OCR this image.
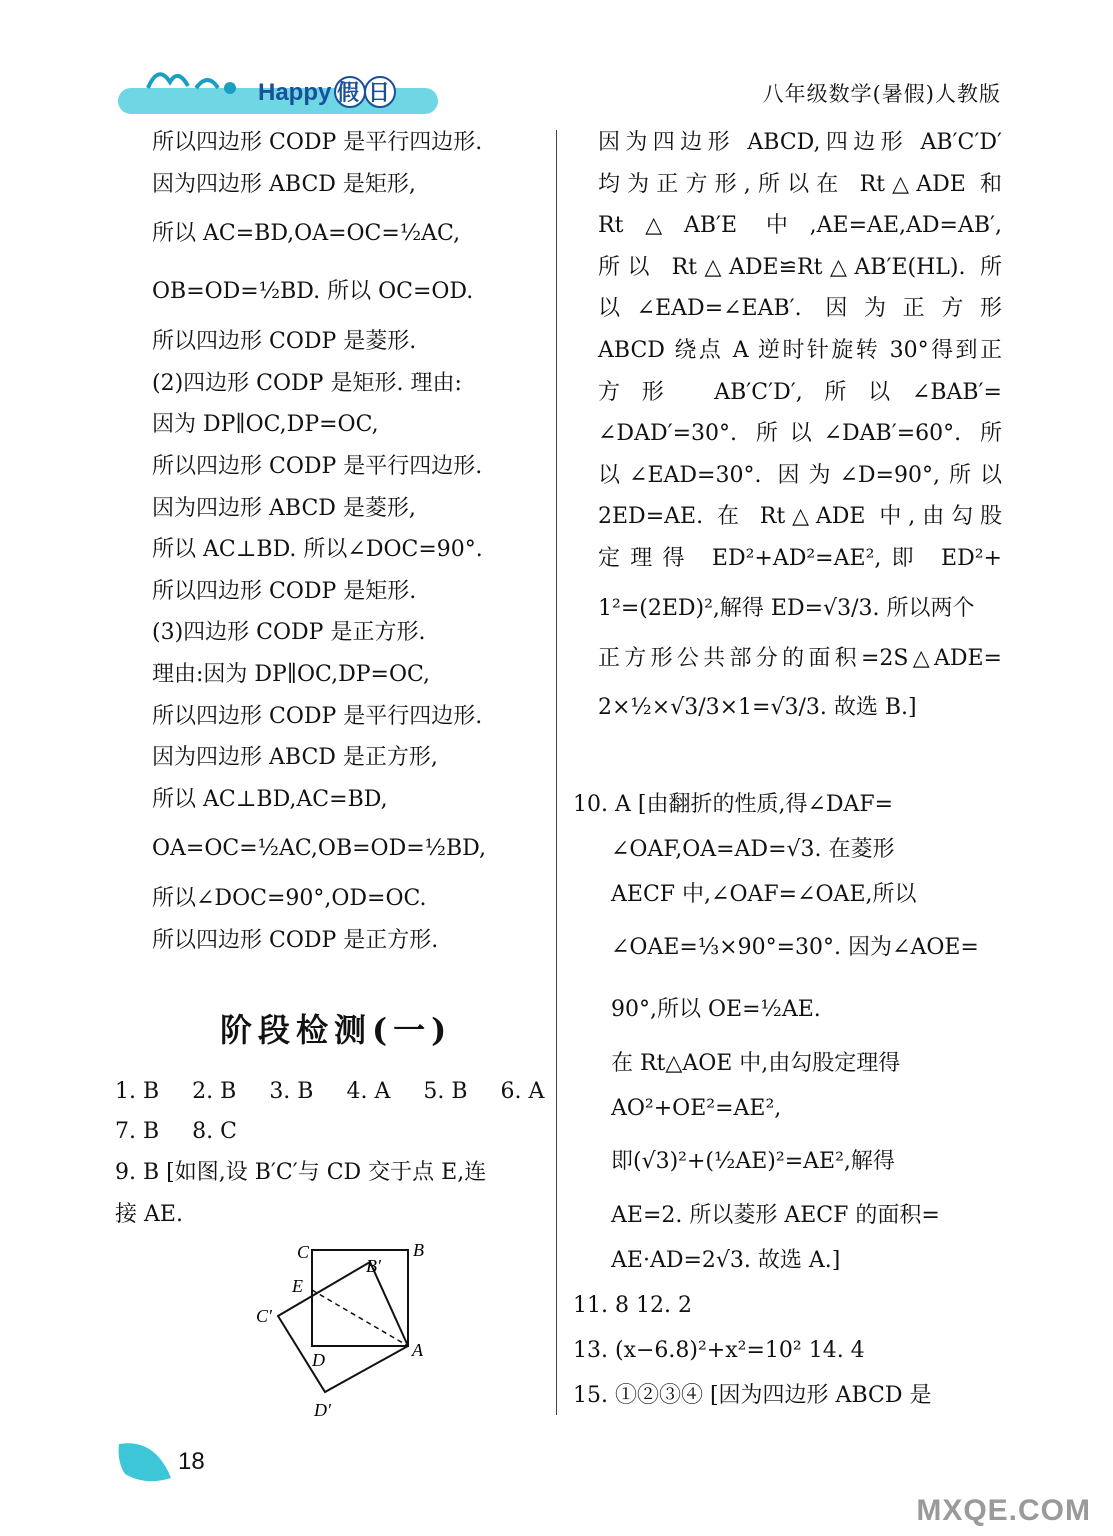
Happy 假 日	八年级数学(暑假)人教版
所以四边形 CODP 是平行四边形.
因为四边形 ABCD 是矩形,
所以 AC=BD,OA=OC=½AC,
OB=OD=½BD. 所以 OC=OD.
所以四边形 CODP 是菱形.
(2)四边形 CODP 是矩形. 理由:
因为 DP∥OC,DP=OC,
所以四边形 CODP 是平行四边形.
因为四边形 ABCD 是菱形,
所以 AC⊥BD. 所以∠DOC=90°.
所以四边形 CODP 是矩形.
(3)四边形 CODP 是正方形.
理由:因为 DP∥OC,DP=OC,
所以四边形 CODP 是平行四边形.
因为四边形 ABCD 是正方形,
所以 AC⊥BD,AC=BD,
OA=OC=½AC,OB=OD=½BD,
所以∠DOC=90°,OD=OC.
所以四边形 CODP 是正方形.
阶段检测(一)
1. B 2. B 3. B 4. A 5. B 6. A
7. B 8. C
9. B [如图,设 B′C′与 CD 交于点 E,连
接 AE.
C	B
B′
E
C′
A
D
D′
因为四边形 ABCD,四边形 AB′C′D′
均为正方形,所以在 Rt△ADE 和
Rt△AB′E 中,AE=AE,AD=AB′,
所以 Rt△ADE≌Rt△AB′E(HL). 所
以∠EAD=∠EAB′. 因为正方形
ABCD 绕点 A 逆时针旋转 30°得到正
方形 AB′C′D′,所以∠BAB′=
∠DAD′=30°. 所以∠DAB′=60°. 所
以∠EAD=30°. 因为∠D=90°,所以
2ED=AE. 在 Rt△ADE 中,由勾股
定理得 ED²+AD²=AE²,即 ED²+
1²=(2ED)²,解得 ED=√3/3. 所以两个
正方形公共部分的面积=2S△ADE=
2×½×√3/3×1=√3/3. 故选 B.]
10. A [由翻折的性质,得∠DAF=
∠OAF,OA=AD=√3. 在菱形
AECF 中,∠OAF=∠OAE,所以
∠OAE=⅓×90°=30°. 因为∠AOE=
90°,所以 OE=½AE.
在 Rt△AOE 中,由勾股定理得
AO²+OE²=AE²,
即(√3)²+(½AE)²=AE²,解得
AE=2. 所以菱形 AECF 的面积=
AE·AD=2√3. 故选 A.]
11. 8 12. 2
13. (x−6.8)²+x²=10² 14. 4
15. ①②③④ [因为四边形 ABCD 是
18
MXQE.COM
